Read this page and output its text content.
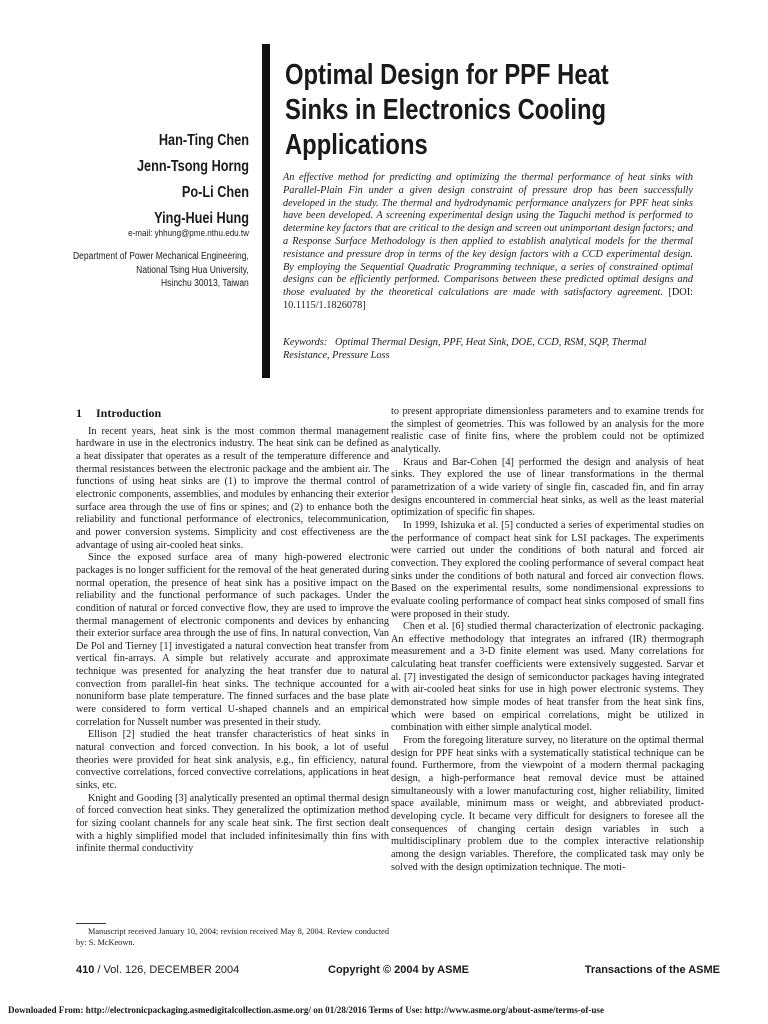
Han-Ting Chen
Jenn-Tsong Horng
Po-Li Chen
Ying-Huei Hung
e-mail: yhhung@pme.nthu.edu.tw
Department of Power Mechanical Engineering,
National Tsing Hua University,
Hsinchu 30013, Taiwan
Optimal Design for PPF Heat
Sinks in Electronics Cooling
Applications

An effective method for predicting and optimizing the thermal performance of heat sinks with Parallel-Plain Fin under a given design constraint of pressure drop has been successfully developed in the study. The thermal and hydrodynamic performance analyzers for PPF heat sinks have been developed. A screening experimental design using the Taguchi method is performed to determine key factors that are critical to the design and screen out unimportant design factors; and a Response Surface Methodology is then applied to establish analytical models for the thermal resistance and pressure drop in terms of the key design factors with a CCD experimental design. By employing the Sequential Quadratic Programming technique, a series of constrained optimal designs can be efficiently performed. Comparisons between these predicted optimal designs and those evaluated by the theoretical calculations are made with satisfactory agreement. [DOI: 10.1115/1.1826078]

Keywords: Optimal Thermal Design, PPF, Heat Sink, DOE, CCD, RSM, SQP, Thermal Resistance, Pressure Loss

1 Introduction

In recent years, heat sink is the most common thermal management hardware in use in the electronics industry. The heat sink can be defined as a heat dissipater that operates as a result of the temperature difference and thermal resistances between the electronic package and the ambient air. The functions of using heat sinks are (1) to improve the thermal control of electronic components, assemblies, and modules by enhancing their exterior surface area through the use of fins or spines; and (2) to enhance both the reliability and functional performance of electronics, telecommunication, and power conversion systems. Simplicity and cost effectiveness are the advantage of using air-cooled heat sinks.

Since the exposed surface area of many high-powered electronic packages is no longer sufficient for the removal of the heat generated during normal operation, the presence of heat sink has a positive impact on the reliability and the functional performance of such packages. Under the condition of natural or forced convective flow, they are used to improve the thermal management of electronic components and devices by enhancing their exterior surface area through the use of fins. In natural convection, Van De Pol and Tierney [1] investigated a natural convection heat transfer from vertical fin-arrays. A simple but relatively accurate and approximate technique was presented for analyzing the heat transfer due to natural convection from parallel-fin heat sinks. The technique accounted for a nonuniform base plate temperature. The finned surfaces and the base plate were considered to form vertical U-shaped channels and an empirical correlation for Nusselt number was presented in their study.

Ellison [2] studied the heat transfer characteristics of heat sinks in natural convection and forced convection. In his book, a lot of useful theories were provided for heat sink analysis, e.g., fin efficiency, natural convective correlations, forced convective correlations, applications in heat sinks, etc.

Knight and Gooding [3] analytically presented an optimal thermal design of forced convection heat sinks. They generalized the optimization method for sizing coolant channels for any scale heat sink. The first section dealt with a highly simplified model that included infinitesimally thin fins with infinite thermal conductivity

to present appropriate dimensionless parameters and to examine trends for the simplest of geometries. This was followed by an analysis for the more realistic case of finite fins, where the problem could not be optimized analytically.

Kraus and Bar-Cohen [4] performed the design and analysis of heat sinks. They explored the use of linear transformations in the thermal parametrization of a wide variety of single fin, cascaded fin, and fin array designs encountered in commercial heat sinks, as well as the least material optimization of specific fin shapes.

In 1999, Ishizuka et al. [5] conducted a series of experimental studies on the performance of compact heat sink for LSI packages. The experiments were carried out under the conditions of both natural and forced air convection. They explored the cooling performance of several compact heat sinks under the conditions of both natural and forced air convection flows. Based on the experimental results, some nondimensional expressions to evaluate cooling performance of compact heat sinks composed of small fins were proposed in their study.

Chen et al. [6] studied thermal characterization of electronic packaging. An effective methodology that integrates an infrared (IR) thermograph measurement and a 3-D finite element was used. Many correlations for calculating heat transfer coefficients were extensively suggested. Sarvar et al. [7] investigated the design of semiconductor packages having integrated with air-cooled heat sinks for use in high power electronic systems. They demonstrated how simple modes of heat transfer from the heat sink fins, which were based on empirical correlations, might be utilized in combination with either simple analytical model.

From the foregoing literature survey, no literature on the optimal thermal design for PPF heat sinks with a systematically statistical technique can be found. Furthermore, from the viewpoint of a modern thermal packaging design, a high-performance heat removal device must be attained simultaneously with a lower manufacturing cost, higher reliability, limited space available, minimum mass or weight, and abbreviated product-developing cycle. It became very difficult for designers to foresee all the consequences of changing certain design variables in such a multidisciplinary problem due to the complex interactive relationship among the design variables. Therefore, the complicated task may only be solved with the design optimization technique. The moti-

Manuscript received January 10, 2004; revision received May 8, 2004. Review conducted by: S. McKeown.
410 / Vol. 126, DECEMBER 2004	Copyright © 2004 by ASME	Transactions of the ASME
Downloaded From: http://electronicpackaging.asmedigitalcollection.asme.org/ on 01/28/2016 Terms of Use: http://www.asme.org/about-asme/terms-of-use
